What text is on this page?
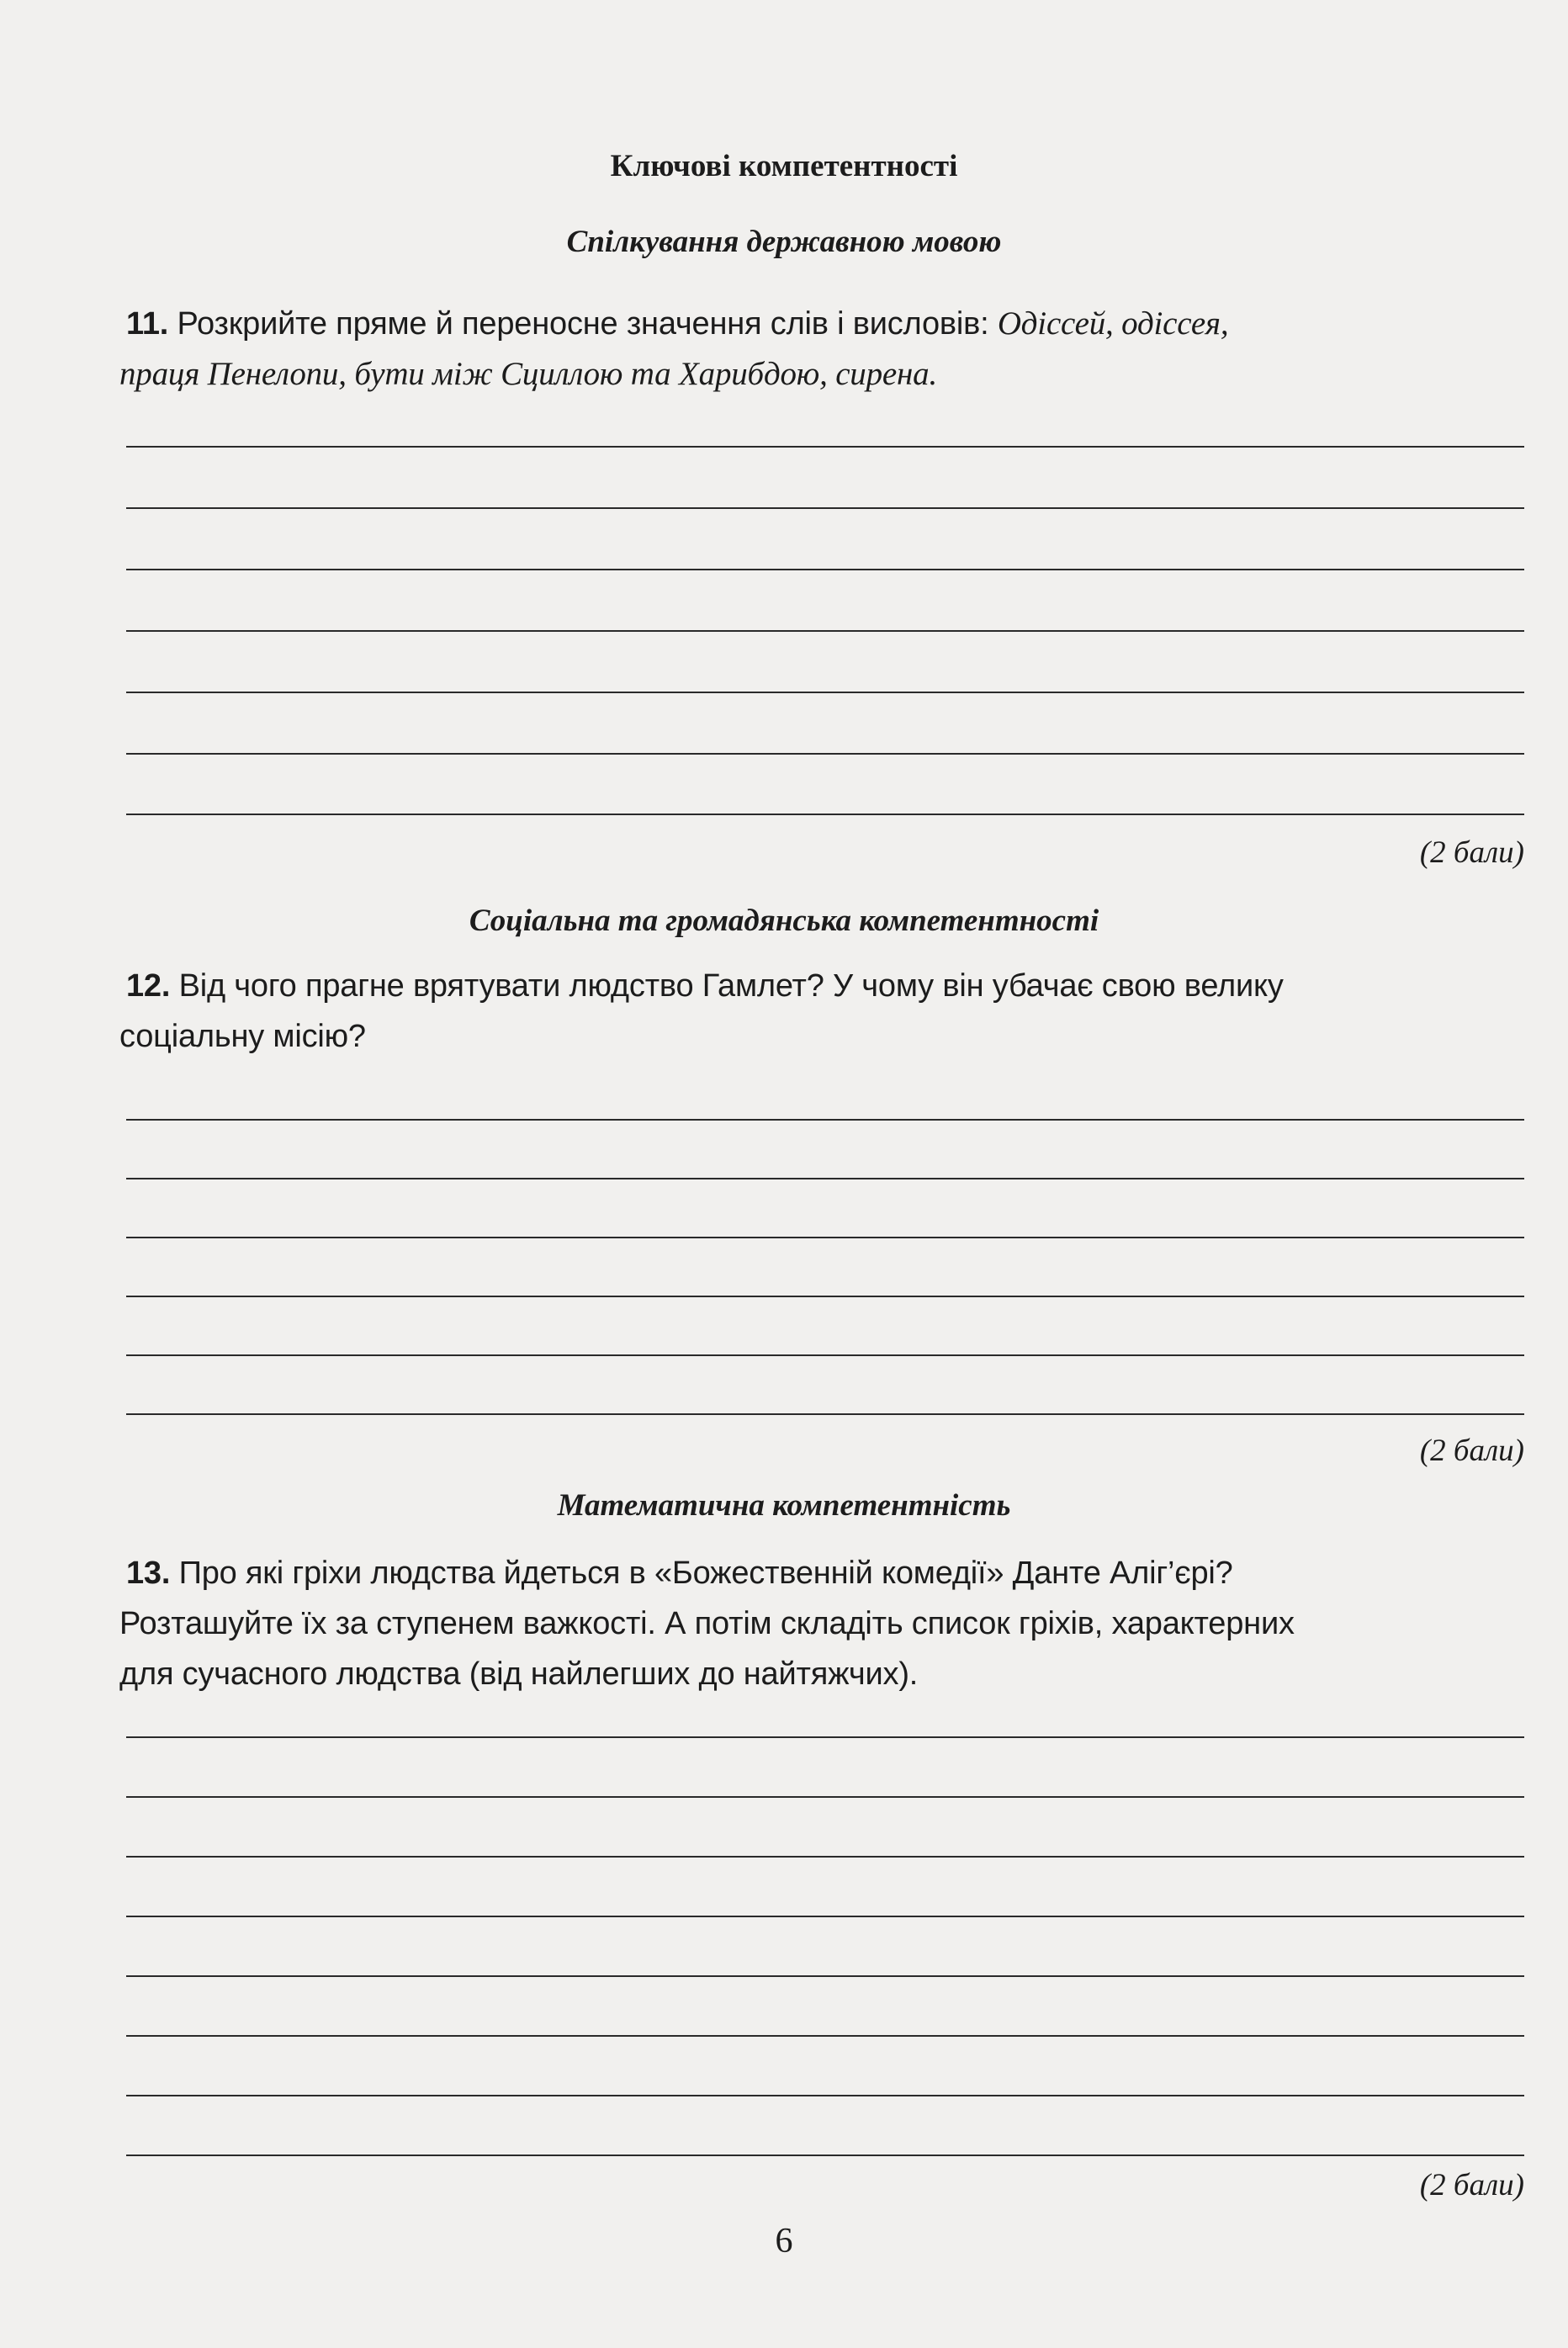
Ключові компетентності
Спілкування державною мовою
11. Розкрийте пряме й переносне значення слів і висловів: Одіссей, одіссея,
праця Пенелопи, бути між Сциллою та Харибдою, сирена.
(2 бали)
Соціальна та громадянська компетентності
12. Від чого прагне врятувати людство Гамлет? У чому він убачає свою велику
соціальну місію?
(2 бали)
Математична компетентність
13. Про які гріхи людства йдеться в «Божественній комедії» Данте Аліг’єрі?
Розташуйте їх за ступенем важкості. А потім складіть список гріхів, характерних
для сучасного людства (від найлегших до найтяжчих).
(2 бали)
6
